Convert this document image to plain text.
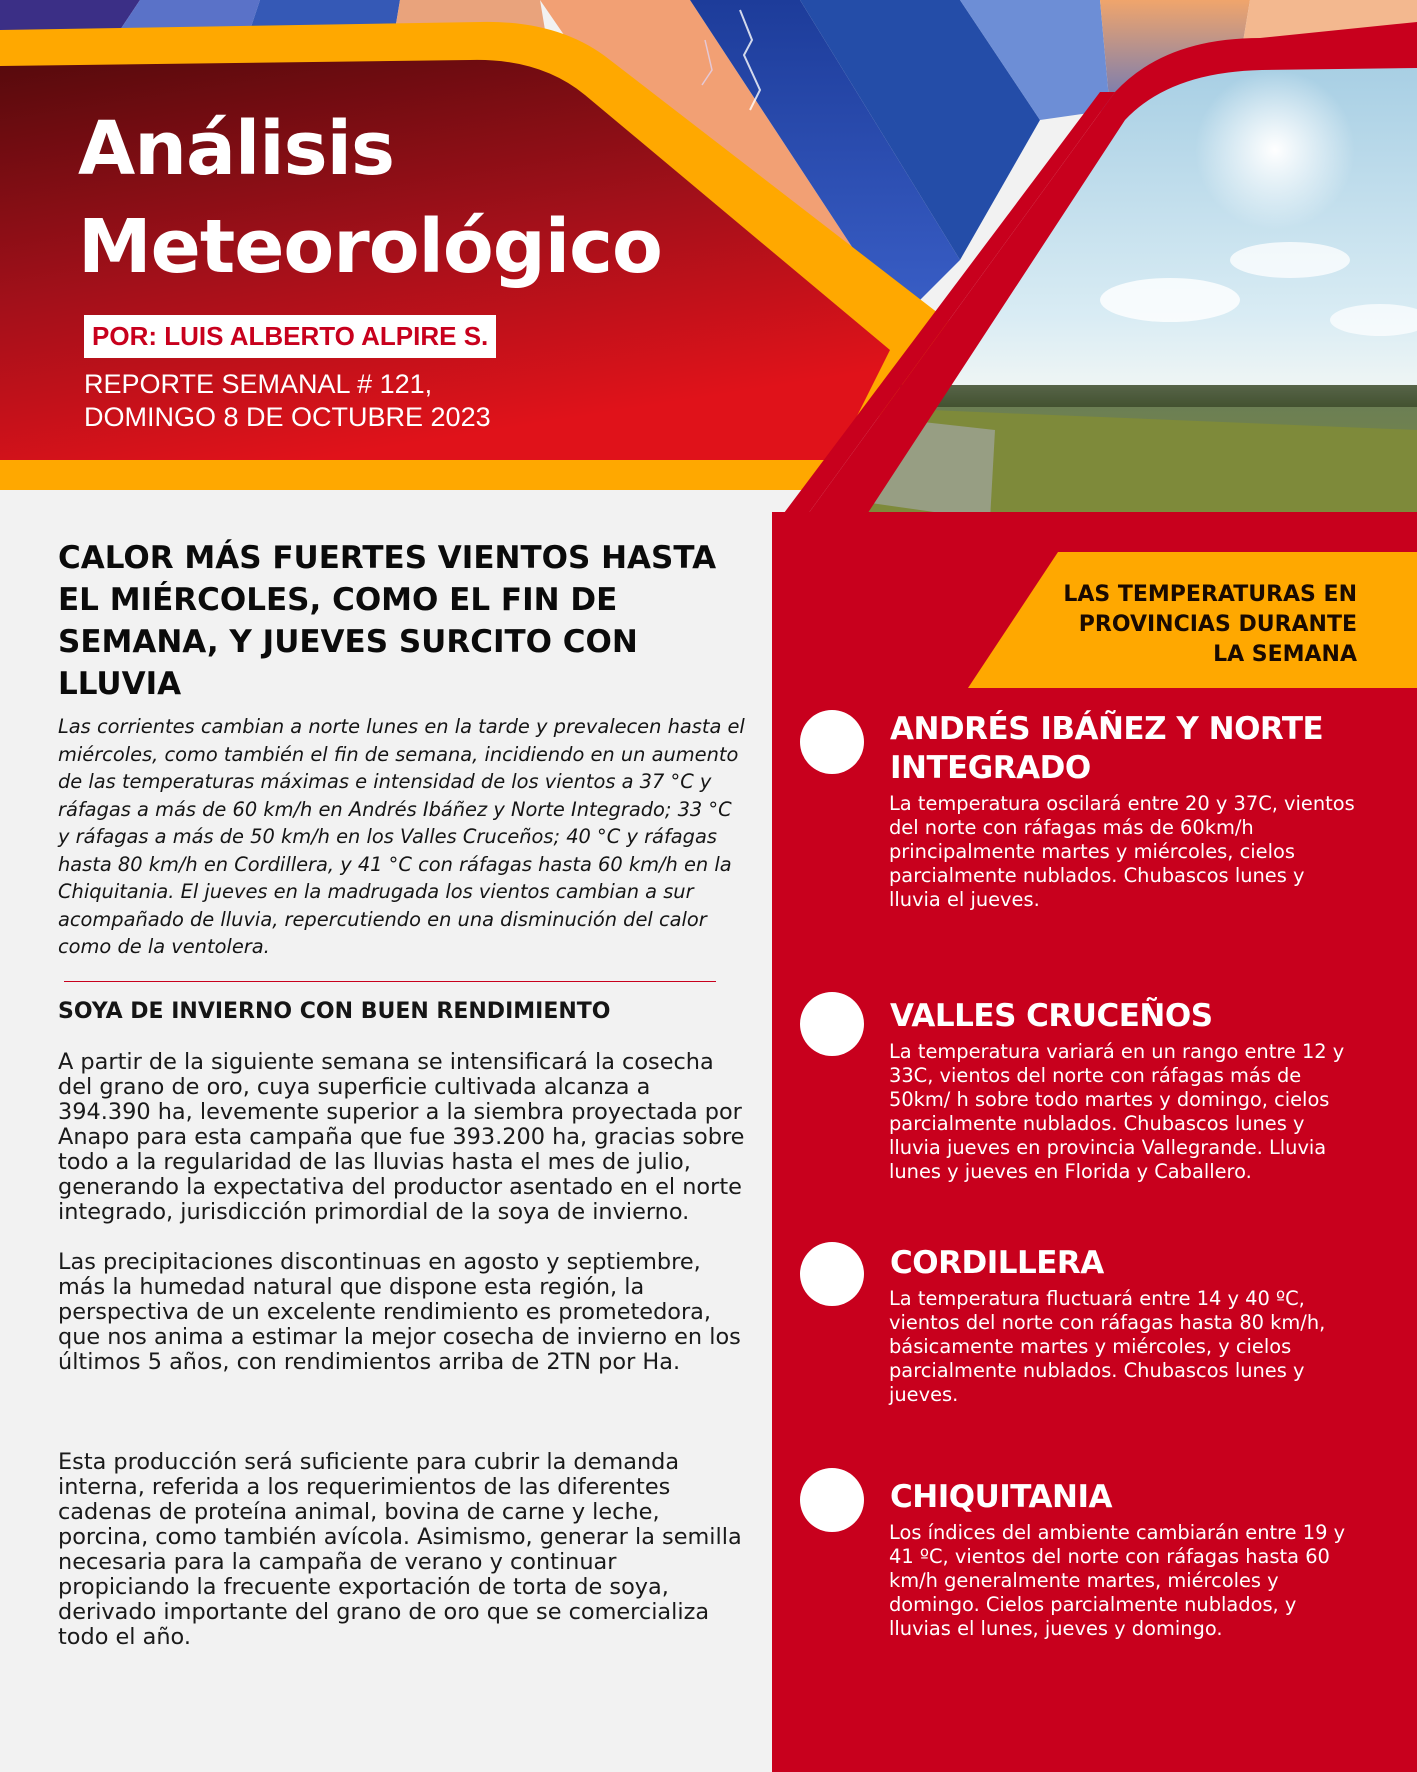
Análisis
Meteorológico
POR: LUIS ALBERTO ALPIRE S.
REPORTE SEMANAL # 121,
DOMINGO 8 DE OCTUBRE 2023
LAS TEMPERATURAS EN
PROVINCIAS DURANTE
LA SEMANA
ANDRÉS IBÁÑEZ Y NORTE INTEGRADO

La temperatura oscilará entre 20 y 37C, vientos del norte con ráfagas más de 60km/h principalmente martes y miércoles, cielos parcialmente nublados. Chubascos lunes y lluvia el jueves.

VALLES CRUCEÑOS

La temperatura variará en un rango entre 12 y 33C, vientos del norte con ráfagas más de 50km/ h sobre todo martes y domingo, cielos parcialmente nublados. Chubascos lunes y lluvia jueves en provincia Vallegrande. Lluvia lunes y jueves en Florida y Caballero.

CORDILLERA

La temperatura fluctuará entre 14 y 40 ºC, vientos del norte con ráfagas hasta 80 km/h, básicamente martes y miércoles, y cielos parcialmente nublados. Chubascos lunes y jueves.

CHIQUITANIA

Los índices del ambiente cambiarán entre 19 y 41 ºC, vientos del norte con ráfagas hasta 60 km/h generalmente martes, miércoles y domingo. Cielos parcialmente nublados, y lluvias el lunes, jueves y domingo.

CALOR MÁS FUERTES VIENTOS HASTA EL MIÉRCOLES, COMO EL FIN DE SEMANA, Y JUEVES SURCITO CON LLUVIA

Las corrientes cambian a norte lunes en la tarde y prevalecen hasta el miércoles, como también el fin de semana, incidiendo en un aumento de las temperaturas máximas e intensidad de los vientos a 37 °C y ráfagas a más de 60 km/h en Andrés Ibáñez y Norte Integrado; 33 °C y ráfagas a más de 50 km/h en los Valles Cruceños; 40 °C y ráfagas hasta 80 km/h en Cordillera, y 41 °C con ráfagas hasta 60 km/h en la Chiquitania. El jueves en la madrugada los vientos cambian a sur acompañado de lluvia, repercutiendo en una disminución del calor como de la ventolera.

SOYA DE INVIERNO CON BUEN RENDIMIENTO

A partir de la siguiente semana se intensificará la cosecha del grano de oro, cuya superficie cultivada alcanza a 394.390 ha, levemente superior a la siembra proyectada por Anapo para esta campaña que fue 393.200 ha, gracias sobre todo a la regularidad de las lluvias hasta el mes de julio, generando la expectativa del productor asentado en el norte integrado, jurisdicción primordial de la soya de invierno.

Las precipitaciones discontinuas en agosto y septiembre, más la humedad natural que dispone esta región, la perspectiva de un excelente rendimiento es prometedora, que nos anima a estimar la mejor cosecha de invierno en los últimos 5 años, con rendimientos arriba de 2TN por Ha.

Esta producción será suficiente para cubrir la demanda interna, referida a los requerimientos de las diferentes cadenas de proteína animal, bovina de carne y leche, porcina, como también avícola. Asimismo, generar la semilla necesaria para la campaña de verano y continuar propiciando la frecuente exportación de torta de soya, derivado importante del grano de oro que se comercializa todo el año.
